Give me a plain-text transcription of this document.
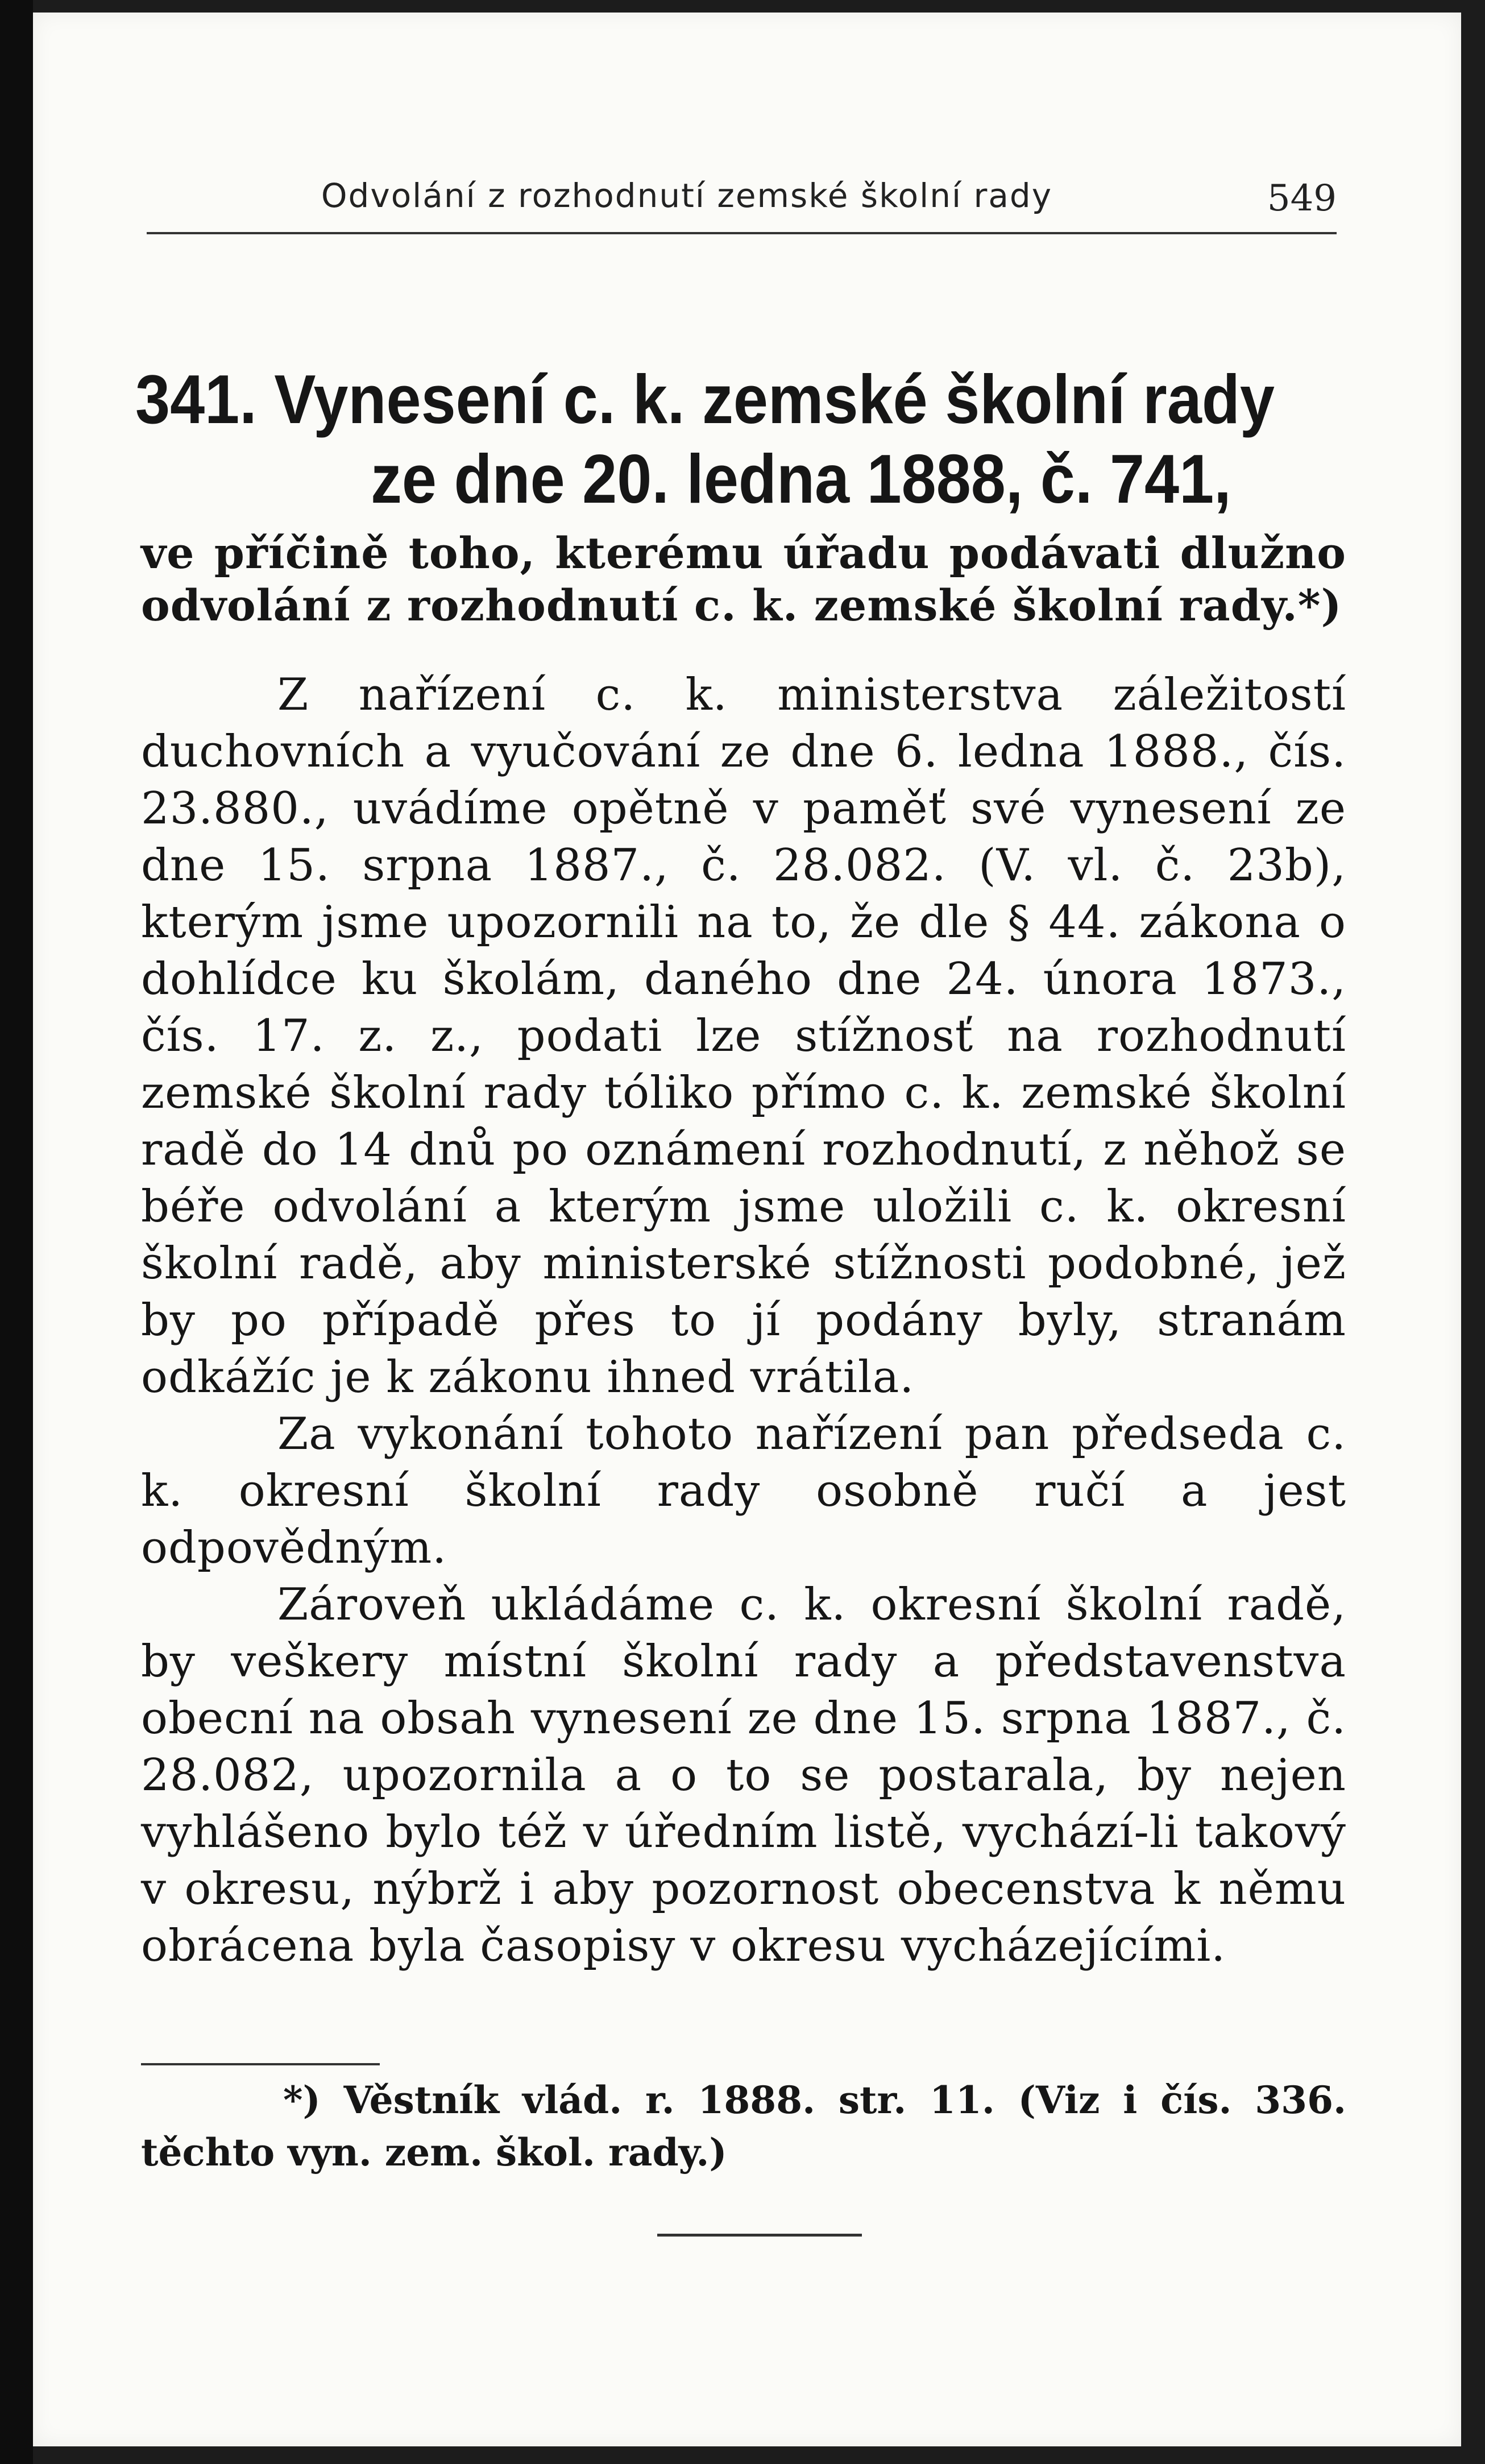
Odvolání z rozhodnutí zemské školní rady	549
341. Vynesení c. k. zemské školní rady
ze dne 20. ledna 1888, č. 741,
ve příčině toho, kterému úřadu podávati dlužno odvolání z rozhodnutí c. k. zemské školní rady.*)

Z nařízení c. k. ministerstva záležitostí duchovních a vyučování ze dne 6. ledna 1888., čís. 23.880., uvádíme opětně v paměť své vynesení ze dne 15. srpna 1887., č. 28.082. (V. vl. č. 23b), kterým jsme upozornili na to, že dle § 44. zákona o dohlídce ku školám, daného dne 24. února 1873., čís. 17. z. z., podati lze stížnosť na rozhodnutí zemské školní rady tóliko přímo c. k. zemské školní radě do 14 dnů po oznámení rozhodnutí, z něhož se béře odvolání a kterým jsme uložili c. k. okresní školní radě, aby ministerské stížnosti podobné, jež by po případě přes to jí podány byly, stranám odkážíc je k zákonu ihned vrátila.

Za vykonání tohoto nařízení pan předseda c. k. okresní školní rady osobně ručí a jest odpovědným.

Zároveň ukládáme c. k. okresní školní radě, by veškery místní školní rady a představenstva obecní na obsah vynesení ze dne 15. srpna 1887., č. 28.082, upozornila a o to se postarala, by nejen vyhlášeno bylo též v úředním listě, vychází-li takový v okresu, nýbrž i aby pozornost obecenstva k němu obrácena byla časopisy v okresu vycházejícími.

*) Věstník vlád. r. 1888. str. 11. (Viz i čís. 336. těchto vyn. zem. škol. rady.)
